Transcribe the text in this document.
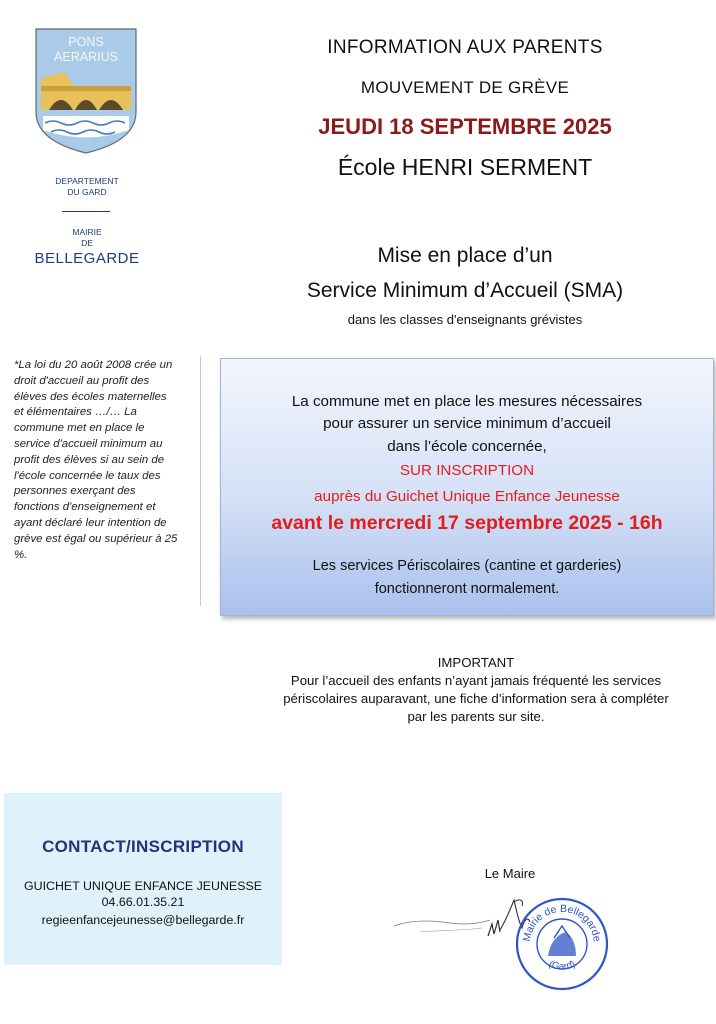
PONS
AERARIUS
DEPARTEMENT
DU GARD
MAIRIE
DE
BELLEGARDE
INFORMATION AUX PARENTS
MOUVEMENT DE GRÈVE
JEUDI 18 SEPTEMBRE 2025
École HENRI SERMENT
Mise en place d’un
Service Minimum d’Accueil (SMA)
dans les classes d'enseignants grévistes
*La loi du 20 août 2008 crée un droit d'accueil au profit des élèves des écoles maternelles et élémentaires …/… La commune met en place le service d'accueil minimum au profit des élèves si au sein de l'école concernée le taux des personnes exerçant des fonctions d'enseignement et ayant déclaré leur intention de grève est égal ou supérieur à 25 %.
La commune met en place les mesures nécessaires
pour assurer un service minimum d’accueil
dans l’école concernée,
SUR INSCRIPTION
auprès du Guichet Unique Enfance Jeunesse
avant le mercredi 17 septembre 2025 - 16h
Les services Périscolaires (cantine et garderies)
fonctionneront normalement.
IMPORTANT
Pour l’accueil des enfants n’ayant jamais fréquenté les services
périscolaires auparavant, une fiche d’information sera à compléter
par les parents sur site.
CONTACT/INSCRIPTION
GUICHET UNIQUE ENFANCE JEUNESSE
04.66.01.35.21
regieenfancejeunesse@bellegarde.fr
Le Maire
Mairie de Bellegarde
(Gard)
